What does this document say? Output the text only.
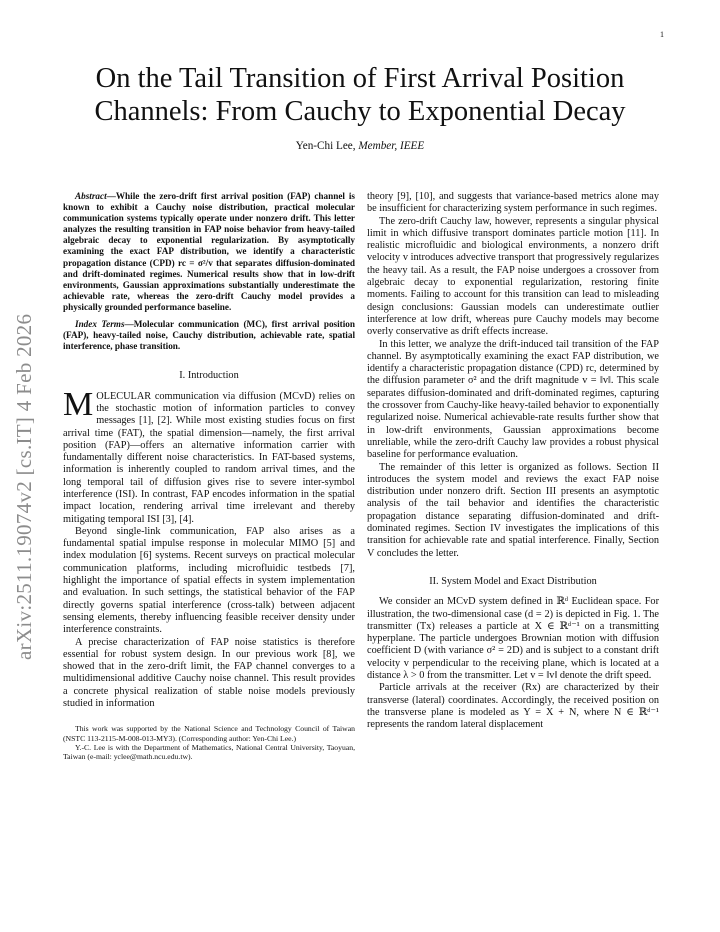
1
arXiv:2511.19074v2 [cs.IT] 4 Feb 2026
On the Tail Transition of First Arrival Position
Channels: From Cauchy to Exponential Decay
Yen-Chi Lee, Member, IEEE

Abstract—While the zero-drift first arrival position (FAP) channel is known to exhibit a Cauchy noise distribution, practical molecular communication systems typically operate under nonzero drift. This letter analyzes the resulting transition in FAP noise behavior from heavy-tailed algebraic decay to exponential regularization. By asymptotically examining the exact FAP distribution, we identify a characteristic propagation distance (CPD) rc = σ²/v that separates diffusion-dominated and drift-dominated regimes. Numerical results show that in low-drift environments, Gaussian approximations substantially underestimate the achievable rate, whereas the zero-drift Cauchy model provides a physically grounded performance baseline.

Index Terms—Molecular communication (MC), first arrival position (FAP), heavy-tailed noise, Cauchy distribution, achievable rate, spatial interference, phase transition.

I. Introduction

MOLECULAR communication via diffusion (MCvD) relies on the stochastic motion of information particles to convey messages [1], [2]. While most existing studies focus on first arrival time (FAT), the spatial dimension—namely, the first arrival position (FAP)—offers an alternative information carrier with fundamentally different noise characteristics. In FAT-based systems, information is inherently coupled to random arrival times, and the long temporal tail of diffusion gives rise to severe inter-symbol interference (ISI). In contrast, FAP encodes information in the spatial impact location, rendering arrival time irrelevant and thereby mitigating temporal ISI [3], [4].

Beyond single-link communication, FAP also arises as a fundamental spatial impulse response in molecular MIMO [5] and index modulation [6] systems. Recent surveys on practical molecular communication platforms, including microfluidic testbeds [7], highlight the importance of spatial effects in system implementation and evaluation. In such settings, the statistical behavior of the FAP directly governs spatial interference (cross-talk) between adjacent sensing elements, thereby influencing feasible receiver density under interference constraints.

A precise characterization of FAP noise statistics is therefore essential for robust system design. In our previous work [8], we showed that in the zero-drift limit, the FAP channel converges to a multidimensional additive Cauchy noise channel. This result provides a concrete physical realization of stable noise models previously studied in information

This work was supported by the National Science and Technology Council of Taiwan (NSTC 113-2115-M-008-013-MY3). (Corresponding author: Yen-Chi Lee.)

Y.-C. Lee is with the Department of Mathematics, National Central University, Taoyuan, Taiwan (e-mail: yclee@math.ncu.edu.tw).

theory [9], [10], and suggests that variance-based metrics alone may be insufficient for characterizing system performance in such regimes.

The zero-drift Cauchy law, however, represents a singular physical limit in which diffusive transport dominates particle motion [11]. In realistic microfluidic and biological environments, a nonzero drift velocity v introduces advective transport that progressively regularizes the heavy tail. As a result, the FAP noise undergoes a crossover from algebraic decay to exponential regularization, restoring finite moments. Failing to account for this transition can lead to misleading design conclusions: Gaussian models can underestimate outlier interference at low drift, whereas pure Cauchy models may become overly conservative as drift effects increase.

In this letter, we analyze the drift-induced tail transition of the FAP channel. By asymptotically examining the exact FAP distribution, we identify a characteristic propagation distance (CPD) rc, determined by the diffusion parameter σ² and the drift magnitude v = ‖v‖. This scale separates diffusion-dominated and drift-dominated regimes, capturing the crossover from Cauchy-like heavy-tailed behavior to exponentially regularized noise. Numerical achievable-rate results further show that in low-drift environments, Gaussian approximations become unreliable, while the zero-drift Cauchy law provides a robust physical baseline for performance evaluation.

The remainder of this letter is organized as follows. Section II introduces the system model and reviews the exact FAP noise distribution under nonzero drift. Section III presents an asymptotic analysis of the tail behavior and identifies the characteristic propagation distance separating diffusion-dominated and drift-dominated regimes. Section IV investigates the implications of this transition for achievable rate and spatial interference. Finally, Section V concludes the letter.

II. System Model and Exact Distribution

We consider an MCvD system defined in ℝᵈ Euclidean space. For illustration, the two-dimensional case (d = 2) is depicted in Fig. 1. The transmitter (Tx) releases a particle at X ∈ ℝᵈ⁻¹ on a transmitting hyperplane. The particle undergoes Brownian motion with diffusion coefficient D (with variance σ² = 2D) and is subject to a constant drift velocity v perpendicular to the receiving plane, which is located at a distance λ > 0 from the transmitter. Let v = ‖v‖ denote the drift speed.

Particle arrivals at the receiver (Rx) are characterized by their transverse (lateral) coordinates. Accordingly, the received position on the transverse plane is modeled as Y = X + N, where N ∈ ℝᵈ⁻¹ represents the random lateral displacement
